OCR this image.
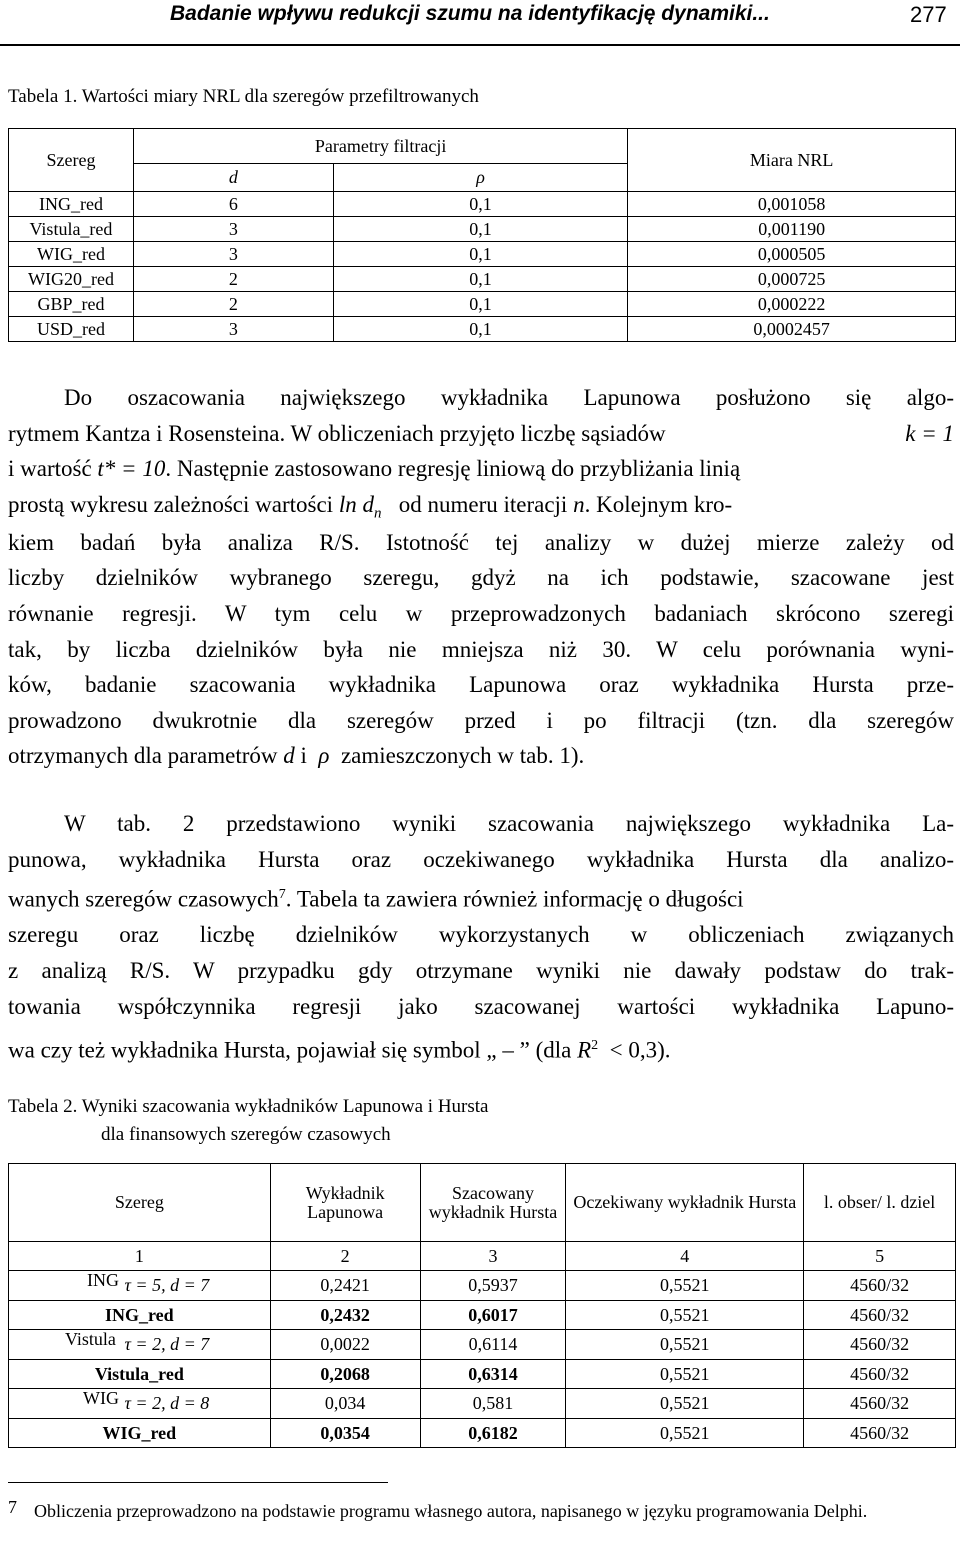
Badanie wpływu redukcji szumu na identyfikację dynamiki...	277
Tabela 1. Wartości miary NRL dla szeregów przefiltrowanych
Szereg	Parametry filtracji		Miara NRL
	d	ρ	
ING_red	6	0,1	0,001058
Vistula_red	3	0,1	0,001190
WIG_red	3	0,1	0,000505
WIG20_red	2	0,1	0,000725
GBP_red	2	0,1	0,000222
USD_red	3	0,1	0,0002457
Do oszacowania największego wykładnika Lapunowa posłużono się algo-
rytmem Kantza i Rosensteina. W obliczeniach przyjęto liczbę sąsiadów	k = 1
i wartość t* = 10. Następnie zastosowano regresję liniową do przybliżania linią
prostą wykresu zależności wartości $\ln d_n$ od numeru iteracji n. Kolejnym kro-
kiem badań była analiza R/S. Istotność tej analizy w dużej mierze zależy od
liczby dzielników wybranego szeregu, gdyż na ich podstawie, szacowane jest
równanie regresji. W tym celu w przeprowadzonych badaniach skrócono szeregi
tak, by liczba dzielników była nie mniejsza niż 30. W celu porównania wyni-
ków, badanie szacowania wykładnika Lapunowa oraz wykładnika Hursta prze-
prowadzono dwukrotnie dla szeregów przed i po filtracji (tzn. dla szeregów
otrzymanych dla parametrów d i ρ zamieszczonych w tab. 1).
W tab. 2 przedstawiono wyniki szacowania największego wykładnika La-
punowa, wykładnika Hursta oraz oczekiwanego wykładnika Hursta dla analizo-
wanych szeregów czasowych$^7$. Tabela ta zawiera również informację o długości
szeregu oraz liczbę dzielników wykorzystanych w obliczeniach związanych
z analizą R/S. W przypadku gdy otrzymane wyniki nie dawały podstaw do trak-
towania współczynnika regresji jako szacowanej wartości wykładnika Lapuno-
wa czy też wykładnika Hursta, pojawiał się symbol „ – ” (dla $R^2 < 0,3$).
Tabela 2. Wyniki szacowania wykładników Lapunowa i Hursta
dla finansowych szeregów czasowych
Szereg		Wykładnik Lapunowa	Szacowany wykładnik Hursta	Oczekiwany wykładnik Hursta	l. obser/ l. dziel
1		2	3	4	5
ING	τ = 5, d = 7	0,2421	0,5937	0,5521	4560/32
ING_red		0,2432	0,6017	0,5521	4560/32
Vistula	τ = 2, d = 7	0,0022	0,6114	0,5521	4560/32
Vistula_red		0,2068	0,6314	0,5521	4560/32
WIG	τ = 2, d = 8	0,034	0,581	0,5521	4560/32
WIG_red		0,0354	0,6182	0,5521	4560/32
7 Obliczenia przeprowadzono na podstawie programu własnego autora, napisanego w języku programowania Delphi.
